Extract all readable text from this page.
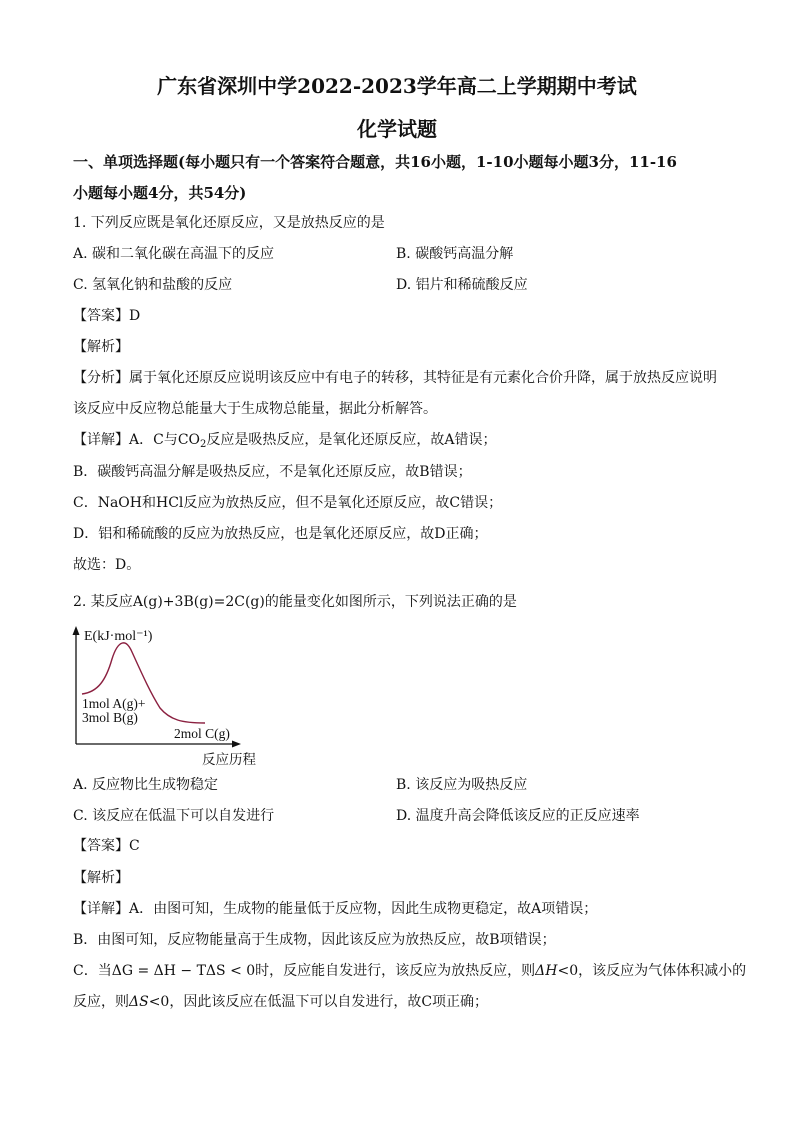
广东省深圳中学2022-2023学年高二上学期期中考试
化学试题
一、单项选择题(每小题只有一个答案符合题意，共16小题，1-10小题每小题3分，11-16
小题每小题4分，共54分)
1. 下列反应既是氧化还原反应，又是放热反应的是
A. 碳和二氧化碳在高温下的反应	B. 碳酸钙高温分解
C. 氢氧化钠和盐酸的反应	D. 铝片和稀硫酸反应
【答案】D
【解析】
【分析】属于氧化还原反应说明该反应中有电子的转移，其特征是有元素化合价升降，属于放热反应说明
该反应中反应物总能量大于生成物总能量，据此分析解答。
【详解】A．C与$CO_2$反应是吸热反应，是氧化还原反应，故A错误；
B．碳酸钙高温分解是吸热反应，不是氧化还原反应，故B错误；
C．NaOH和HCl反应为放热反应，但不是氧化还原反应，故C错误；
D．铝和稀硫酸的反应为放热反应，也是氧化还原反应，故D正确；
故选：D。
2. 某反应A(g)+3B(g)=2C(g)的能量变化如图所示，下列说法正确的是
E(kJ·mol⁻¹)
1mol A(g)+
3mol B(g)
2mol C(g)
反应历程
A. 反应物比生成物稳定	B. 该反应为吸热反应
C. 该反应在低温下可以自发进行	D. 温度升高会降低该反应的正反应速率
【答案】C
【解析】
【详解】A．由图可知，生成物的能量低于反应物，因此生成物更稳定，故A项错误；
B．由图可知，反应物能量高于生成物，因此该反应为放热反应，故B项错误；
C．当ΔG = ΔH − TΔS < 0时，反应能自发进行，该反应为放热反应，则ΔH<0，该反应为气体体积减小的
反应，则ΔS<0，因此该反应在低温下可以自发进行，故C项正确；
